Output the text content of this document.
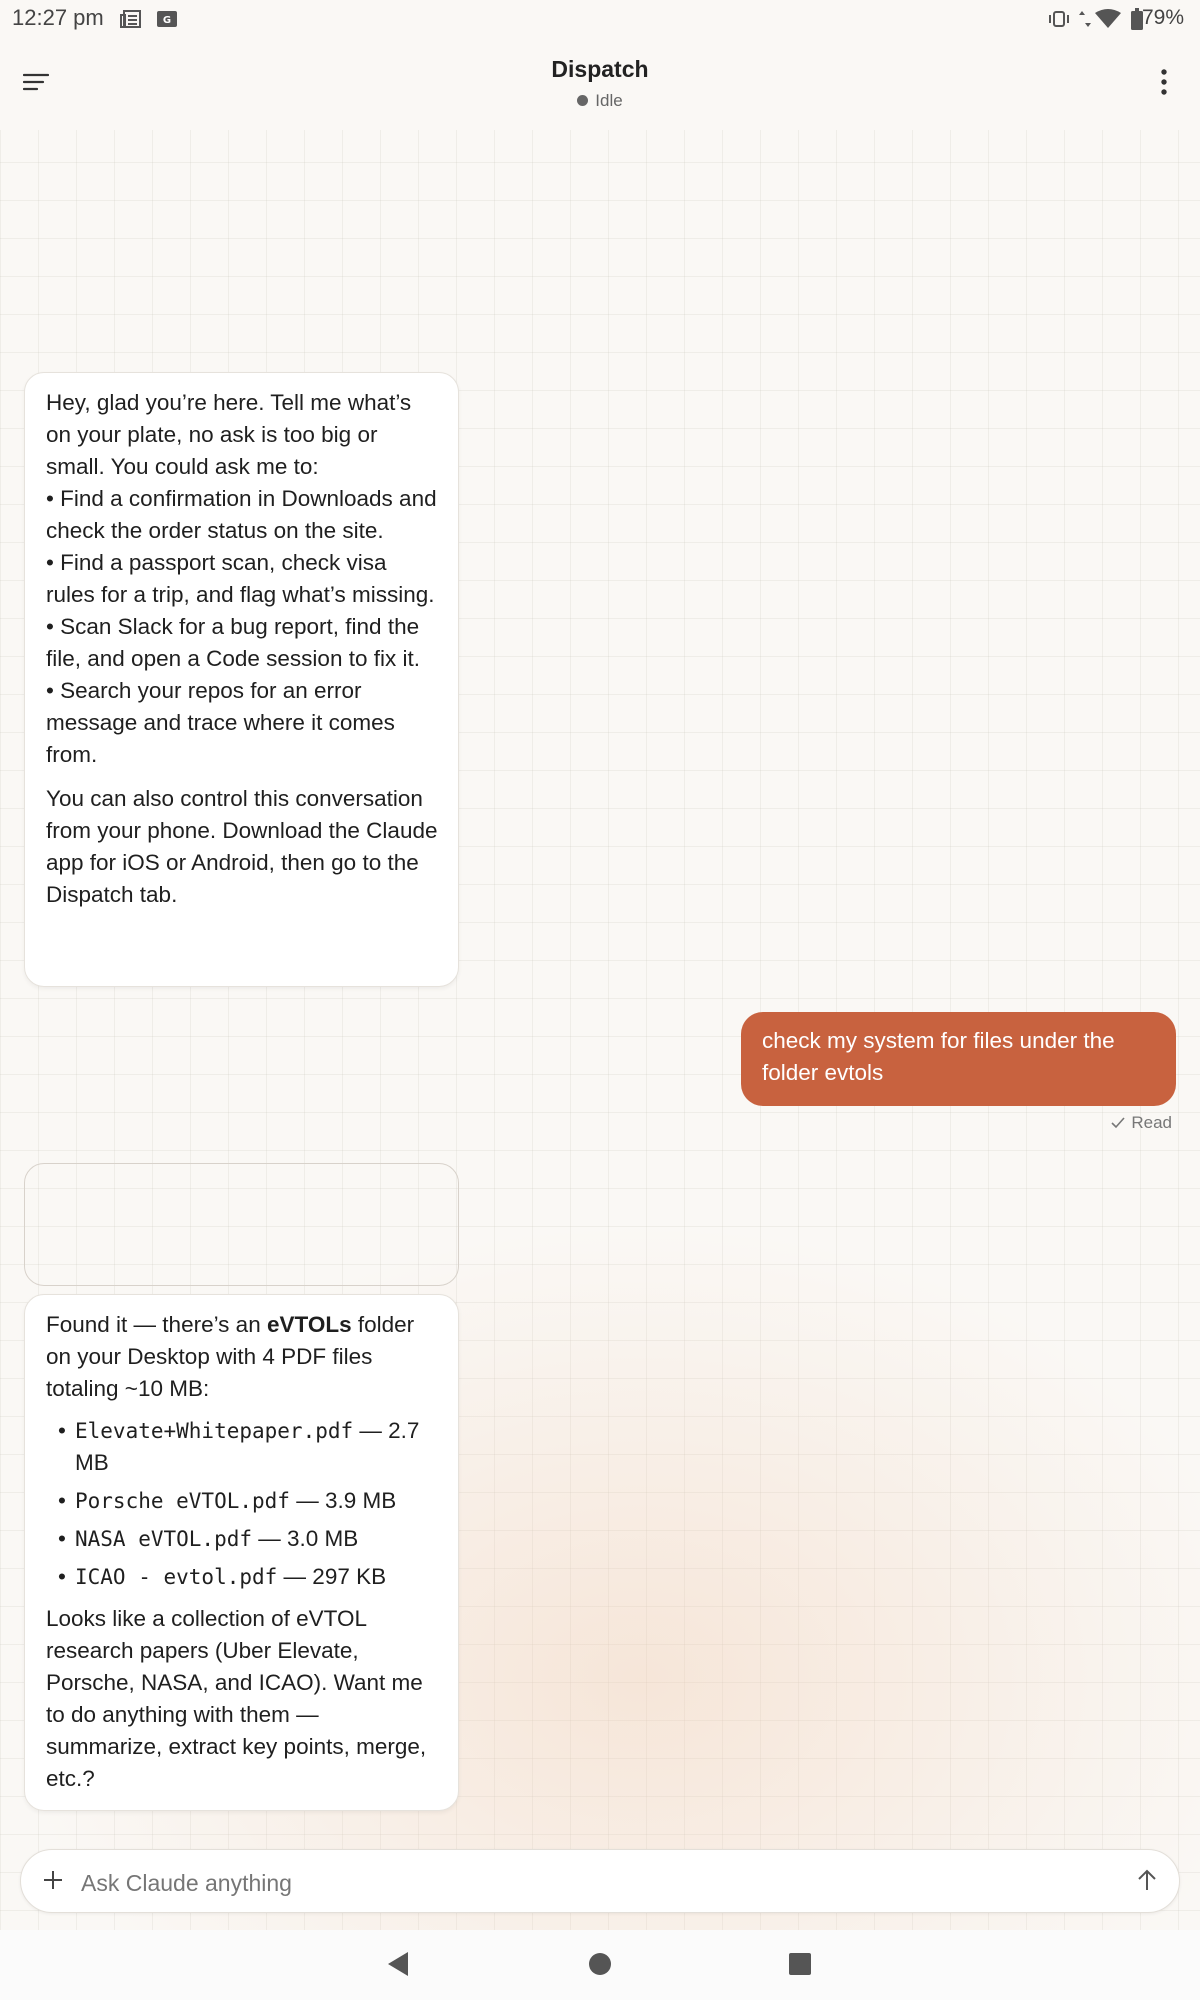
12:27 pm	G	79%
Dispatch
Idle

Hey, glad you’re here. Tell me what’s on your plate, no ask is too big or small. You could ask me to:

• Find a confirmation in Downloads and check the order status on the site.

• Find a passport scan, check visa rules for a trip, and flag what’s missing.

• Scan Slack for a bug report, find the file, and open a Code session to fix it.

• Search your repos for an error message and trace where it comes from.

You can also control this conversation from your phone. Download the Claude app for iOS or Android, then go to the Dispatch tab.

check my system for files under the folder evtols
Read

Found it — there’s an eVTOLs folder on your Desktop with 4 PDF files totaling ~10 MB:

• Elevate+Whitepaper.pdf — 2.7 MB
• Porsche eVTOL.pdf — 3.9 MB
• NASA eVTOL.pdf — 3.0 MB
• ICAO - evtol.pdf — 297 KB

Looks like a collection of eVTOL research papers (Uber Elevate, Porsche, NASA, and ICAO). Want me to do anything with them — summarize, extract key points, merge, etc.?

Ask Claude anything
